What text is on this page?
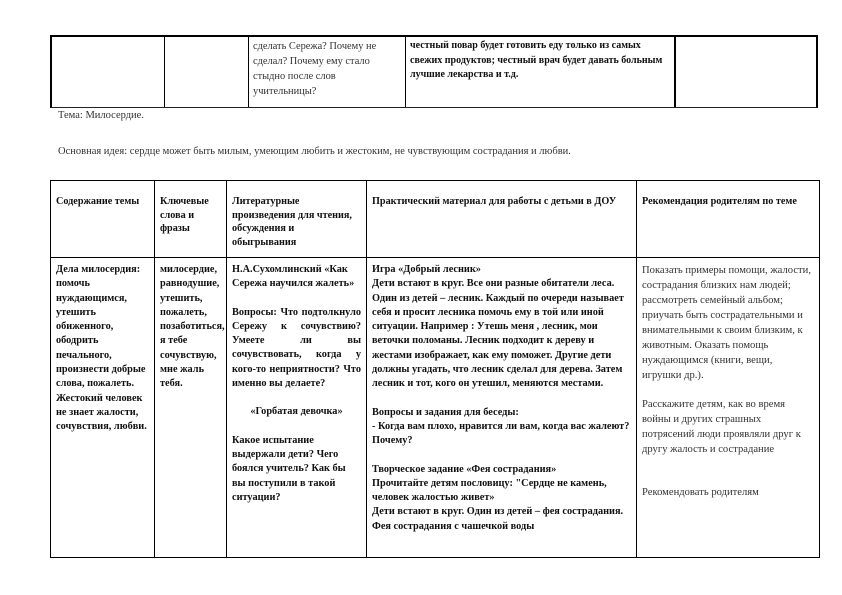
сделать Сережа? Почему не сделал? Почему ему стало стыдно после слов учительницы?
честный повар будет готовить еду только из самых свежих продуктов; честный врач будет давать больным лучшие лекарства и т.д.
Тема: Милосердие.
Основная идея: сердце может быть милым, умеющим любить и жестоким, не чувствующим сострадания и любви.
Содержание темы	Ключевые слова и фразы
Литературные произведения для чтения, обсуждения и обыгрывания
Практический материал для работы с детьми в ДОУ	Рекомендация родителям по теме
Дела милосердия: помочь нуждающимся, утешить обиженного, ободрить печального, произнести добрые слова, пожалеть. Жестокий человек не знает жалости, сочувствия, любви.
милосердие, равнодушие, утешить, пожалеть, позаботиться, я тебе сочувствую, мне жаль тебя.

Н.А.Сухомлинский «Как Сережа научился жалеть»

Вопросы: Что подтолкнуло Сережу к сочувствию? Умеете ли вы сочувствовать, когда у кого-то неприятности? Что именно вы делаете?

«Горбатая девочка»

Какое испытание выдержали дети? Чего боялся учитель? Как бы вы поступили в такой ситуации?

Игра «Добрый лесник»

Дети встают в круг. Все они разные обитатели леса. Один из детей – лесник. Каждый по очереди называет себя и просит лесника помочь ему в той или иной ситуации. Например : Утешь меня , лесник, мои веточки поломаны. Лесник подходит к дереву и жестами изображает, как ему поможет. Другие дети должны угадать, что лесник сделал для дерева. Затем лесник и тот, кого он утешил, меняются местами.

Вопросы и задания для беседы:

- Когда вам плохо, нравится ли вам, когда вас жалеют? Почему?

Творческое задание «Фея сострадания»

Прочитайте детям пословицу: "Сердце не камень, человек жалостью живет»

Дети встают в круг. Один из детей – фея сострадания. Фея сострадания с чашечкой воды

Показать примеры помощи, жалости, сострадания близких нам людей; рассмотреть семейный альбом; приучать быть сострадательными и внимательными к своим близким, к животным. Оказать помощь нуждающимся (книги, вещи, игрушки др.).

Расскажите детям, как во время войны и других страшных потрясений люди проявляли друг к другу жалость и сострадание

Рекомендовать родителям
